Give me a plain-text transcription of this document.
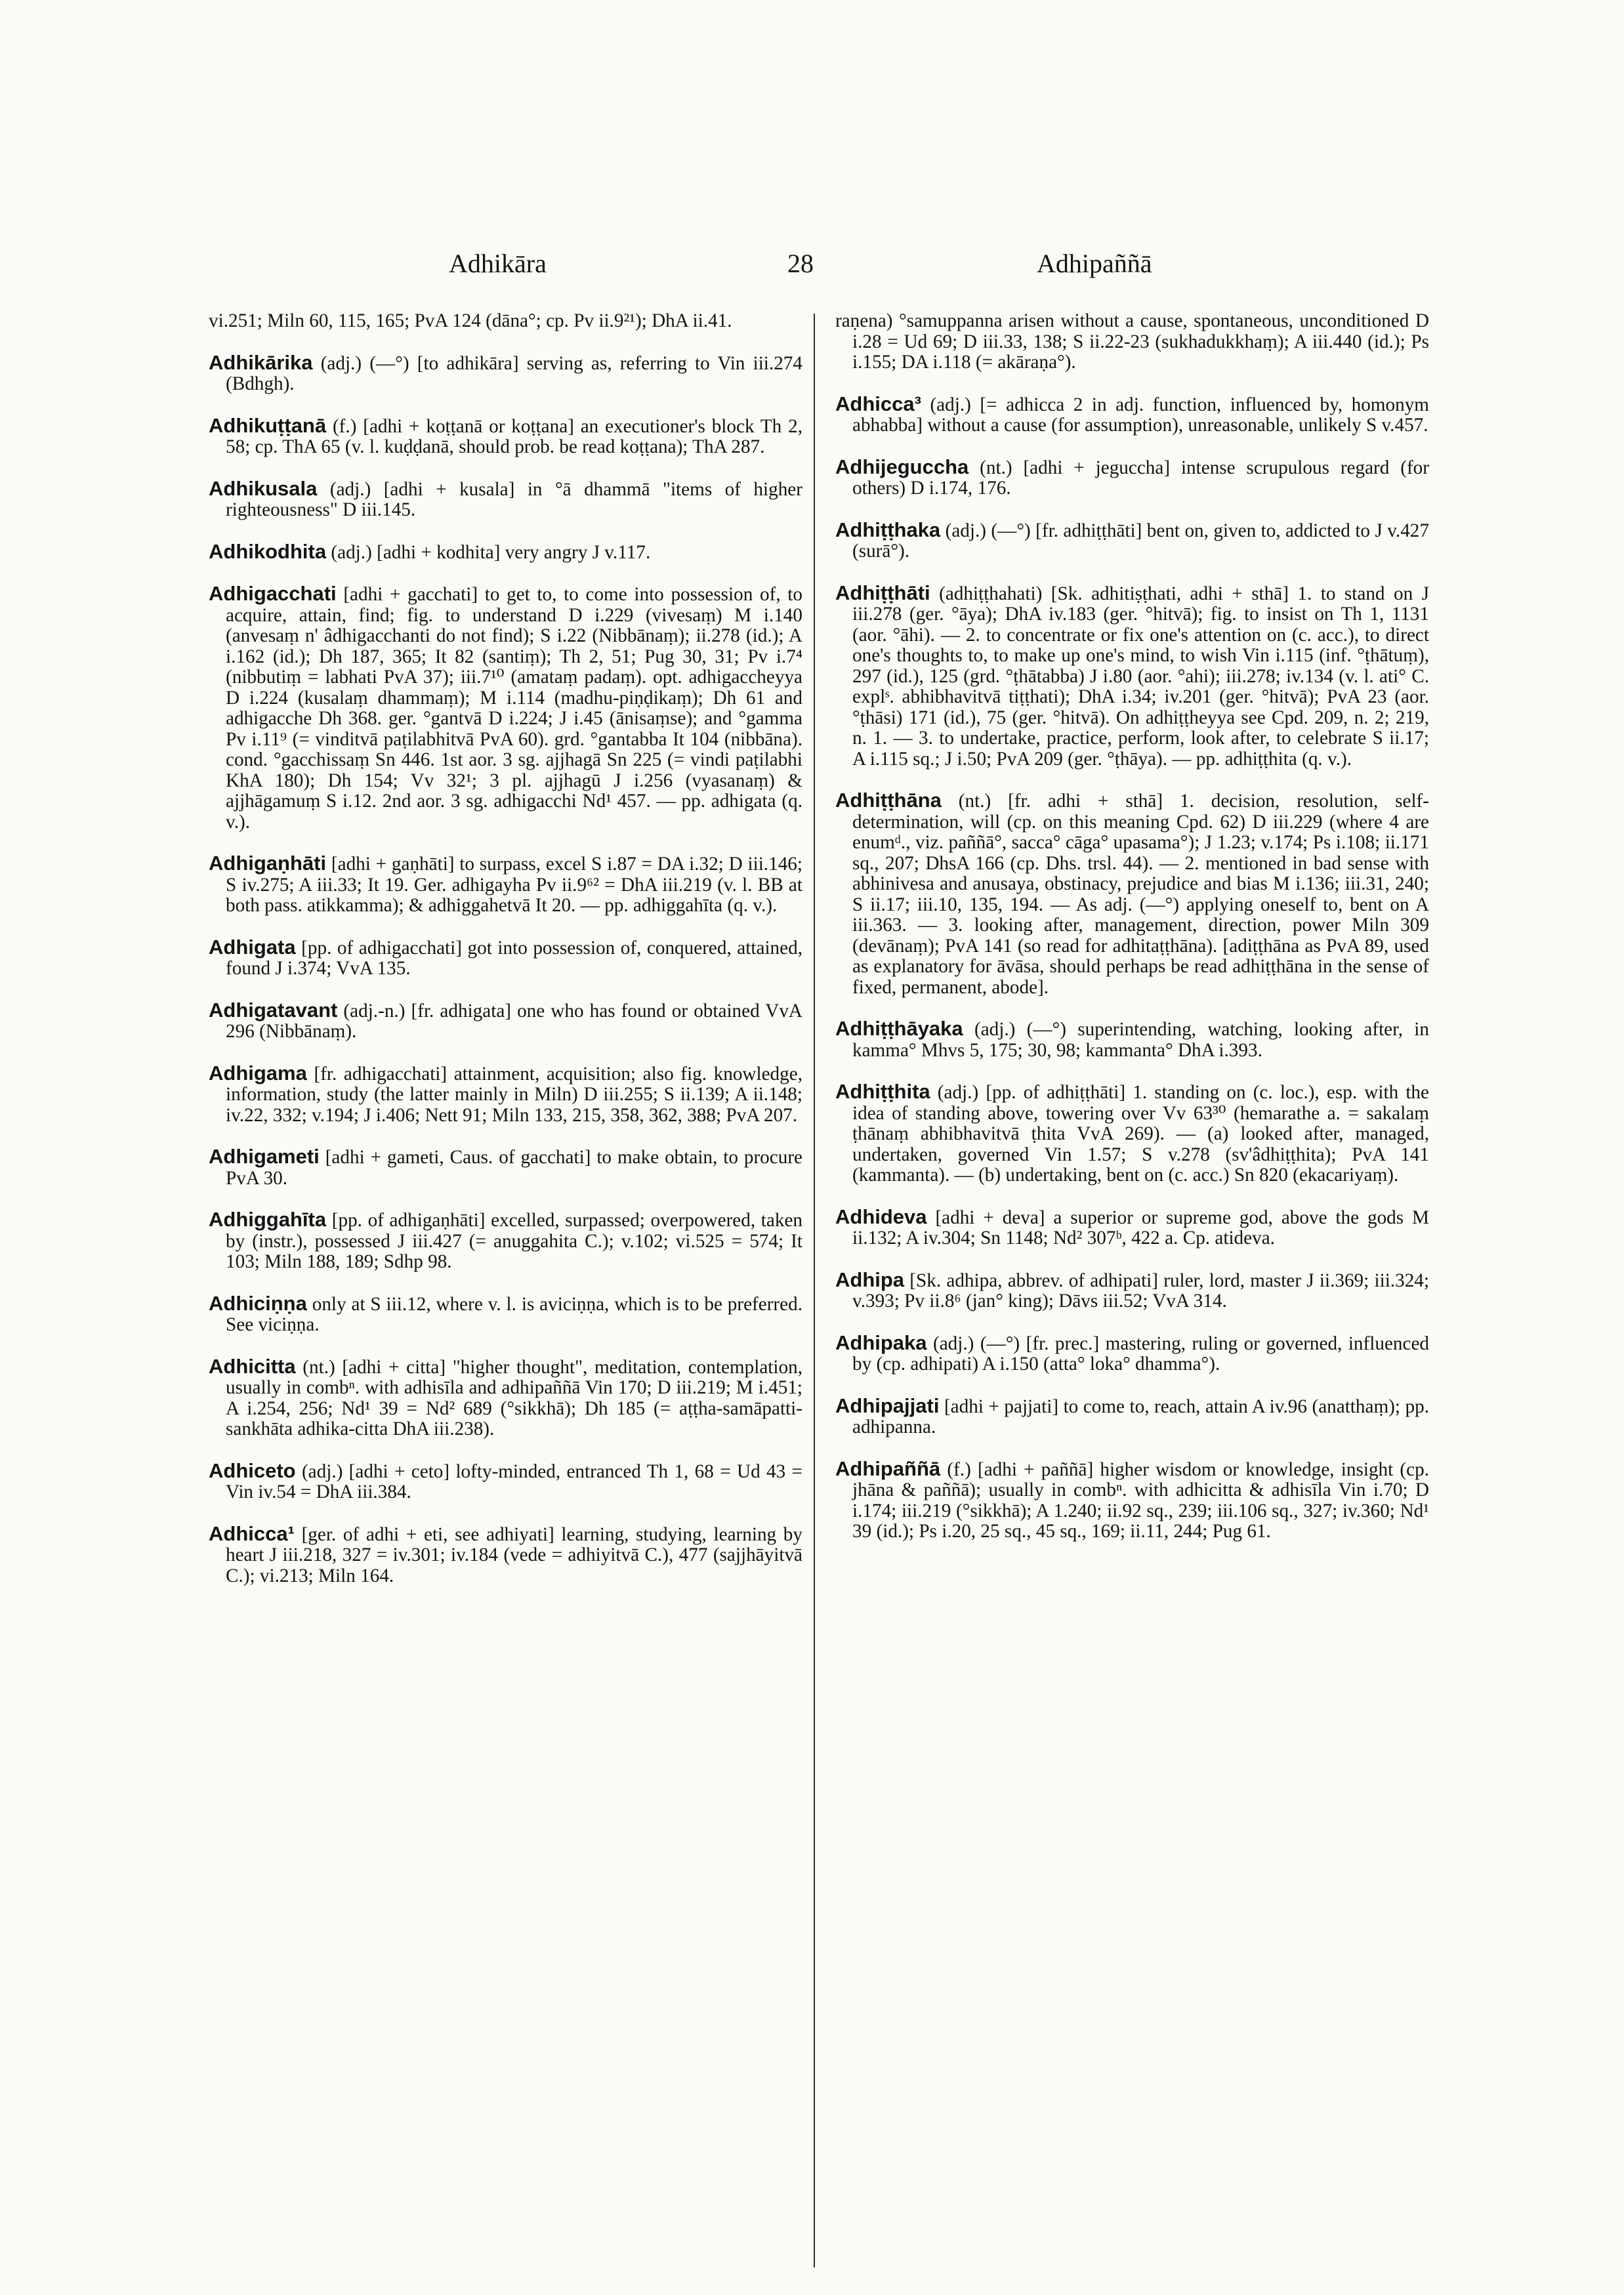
Adhikāra	28	Adhipaññā

vi.251; Miln 60, 115, 165; PvA 124 (dāna°; cp. Pv ii.9²¹); DhA ii.41.

Adhikārika (adj.) (—°) [to adhikāra] serving as, referring to Vin iii.274 (Bdhgh).

Adhikuṭṭanā (f.) [adhi + koṭṭanā or koṭṭana] an executioner's block Th 2, 58; cp. ThA 65 (v. l. kuḍḍanā, should prob. be read koṭṭana); ThA 287.

Adhikusala (adj.) [adhi + kusala] in °ā dhammā "items of higher righteousness" D iii.145.

Adhikodhita (adj.) [adhi + kodhita] very angry J v.117.

Adhigacchati [adhi + gacchati] to get to, to come into possession of, to acquire, attain, find; fig. to understand D i.229 (vivesaṃ) M i.140 (anvesaṃ n' âdhigacchanti do not find); S i.22 (Nibbānaṃ); ii.278 (id.); A i.162 (id.); Dh 187, 365; It 82 (santiṃ); Th 2, 51; Pug 30, 31; Pv i.7⁴ (nibbutiṃ = labhati PvA 37); iii.7¹⁰ (amataṃ padaṃ). opt. adhigaccheyya D i.224 (kusalaṃ dhammaṃ); M i.114 (madhu-piṇḍikaṃ); Dh 61 and adhigacche Dh 368. ger. °gantvā D i.224; J i.45 (ānisaṃse); and °gamma Pv i.11⁹ (= vinditvā paṭilabhitvā PvA 60). grd. °gantabba It 104 (nibbāna). cond. °gacchissaṃ Sn 446. 1st aor. 3 sg. ajjhagā Sn 225 (= vindi paṭilabhi KhA 180); Dh 154; Vv 32¹; 3 pl. ajjhagū J i.256 (vyasanaṃ) & ajjhāgamuṃ S i.12. 2nd aor. 3 sg. adhigacchi Nd¹ 457. — pp. adhigata (q. v.).

Adhigaṇhāti [adhi + gaṇhāti] to surpass, excel S i.87 = DA i.32; D iii.146; S iv.275; A iii.33; It 19. Ger. adhigayha Pv ii.9⁶² = DhA iii.219 (v. l. BB at both pass. atikkamma); & adhiggahetvā It 20. — pp. adhiggahīta (q. v.).

Adhigata [pp. of adhigacchati] got into possession of, conquered, attained, found J i.374; VvA 135.

Adhigatavant (adj.-n.) [fr. adhigata] one who has found or obtained VvA 296 (Nibbānaṃ).

Adhigama [fr. adhigacchati] attainment, acquisition; also fig. knowledge, information, study (the latter mainly in Miln) D iii.255; S ii.139; A ii.148; iv.22, 332; v.194; J i.406; Nett 91; Miln 133, 215, 358, 362, 388; PvA 207.

Adhigameti [adhi + gameti, Caus. of gacchati] to make obtain, to procure PvA 30.

Adhiggahīta [pp. of adhigaṇhāti] excelled, surpassed; overpowered, taken by (instr.), possessed J iii.427 (= anuggahita C.); v.102; vi.525 = 574; It 103; Miln 188, 189; Sdhp 98.

Adhiciṇṇa only at S iii.12, where v. l. is aviciṇṇa, which is to be preferred. See viciṇṇa.

Adhicitta (nt.) [adhi + citta] "higher thought", meditation, contemplation, usually in combⁿ. with adhisīla and adhipaññā Vin 170; D iii.219; M i.451; A i.254, 256; Nd¹ 39 = Nd² 689 (°sikkhā); Dh 185 (= aṭṭha-samāpatti-sankhāta adhika-citta DhA iii.238).

Adhiceto (adj.) [adhi + ceto] lofty-minded, entranced Th 1, 68 = Ud 43 = Vin iv.54 = DhA iii.384.

Adhicca¹ [ger. of adhi + eti, see adhiyati] learning, studying, learning by heart J iii.218, 327 = iv.301; iv.184 (vede = adhiyitvā C.), 477 (sajjhāyitvā C.); vi.213; Miln 164.

raṇena) °samuppanna arisen without a cause, spontaneous, unconditioned D i.28 = Ud 69; D iii.33, 138; S ii.22-23 (sukhadukkhaṃ); A iii.440 (id.); Ps i.155; DA i.118 (= akāraṇa°).

Adhicca³ (adj.) [= adhicca 2 in adj. function, influenced by, homonym abhabba] without a cause (for assumption), unreasonable, unlikely S v.457.

Adhijeguccha (nt.) [adhi + jeguccha] intense scrupulous regard (for others) D i.174, 176.

Adhiṭṭhaka (adj.) (—°) [fr. adhiṭṭhāti] bent on, given to, addicted to J v.427 (surā°).

Adhiṭṭhāti (adhiṭṭhahati) [Sk. adhitiṣṭhati, adhi + sthā] 1. to stand on J iii.278 (ger. °āya); DhA iv.183 (ger. °hitvā); fig. to insist on Th 1, 1131 (aor. °āhi). — 2. to concentrate or fix one's attention on (c. acc.), to direct one's thoughts to, to make up one's mind, to wish Vin i.115 (inf. °ṭhātuṃ), 297 (id.), 125 (grd. °ṭhātabba) J i.80 (aor. °ahi); iii.278; iv.134 (v. l. ati° C. explˢ. abhibhavitvā tiṭṭhati); DhA i.34; iv.201 (ger. °hitvā); PvA 23 (aor. °ṭhāsi) 171 (id.), 75 (ger. °hitvā). On adhiṭṭheyya see Cpd. 209, n. 2; 219, n. 1. — 3. to undertake, practice, perform, look after, to celebrate S ii.17; A i.115 sq.; J i.50; PvA 209 (ger. °ṭhāya). — pp. adhiṭṭhita (q. v.).

Adhiṭṭhāna (nt.) [fr. adhi + sthā] 1. decision, resolution, self-determination, will (cp. on this meaning Cpd. 62) D iii.229 (where 4 are enumᵈ., viz. paññā°, sacca° cāga° upasama°); J 1.23; v.174; Ps i.108; ii.171 sq., 207; DhsA 166 (cp. Dhs. trsl. 44). — 2. mentioned in bad sense with abhinivesa and anusaya, obstinacy, prejudice and bias M i.136; iii.31, 240; S ii.17; iii.10, 135, 194. — As adj. (—°) applying oneself to, bent on A iii.363. — 3. looking after, management, direction, power Miln 309 (devānaṃ); PvA 141 (so read for adhitaṭṭhāna). [adiṭṭhāna as PvA 89, used as explanatory for āvāsa, should perhaps be read adhiṭṭhāna in the sense of fixed, permanent, abode].

Adhiṭṭhāyaka (adj.) (—°) superintending, watching, looking after, in kamma° Mhvs 5, 175; 30, 98; kammanta° DhA i.393.

Adhiṭṭhita (adj.) [pp. of adhiṭṭhāti] 1. standing on (c. loc.), esp. with the idea of standing above, towering over Vv 63³⁰ (hemarathe a. = sakalaṃ ṭhānaṃ abhibhavitvā ṭhita VvA 269). — (a) looked after, managed, undertaken, governed Vin 1.57; S v.278 (sv'âdhiṭṭhita); PvA 141 (kammanta). — (b) undertaking, bent on (c. acc.) Sn 820 (ekacariyaṃ).

Adhideva [adhi + deva] a superior or supreme god, above the gods M ii.132; A iv.304; Sn 1148; Nd² 307ᵇ, 422 a. Cp. atideva.

Adhipa [Sk. adhipa, abbrev. of adhipati] ruler, lord, master J ii.369; iii.324; v.393; Pv ii.8⁶ (jan° king); Dāvs iii.52; VvA 314.

Adhipaka (adj.) (—°) [fr. prec.] mastering, ruling or governed, influenced by (cp. adhipati) A i.150 (atta° loka° dhamma°).

Adhipajjati [adhi + pajjati] to come to, reach, attain A iv.96 (anatthaṃ); pp. adhipanna.

Adhipaññā (f.) [adhi + paññā] higher wisdom or knowledge, insight (cp. jhāna & paññā); usually in combⁿ. with adhicitta & adhisīla Vin i.70; D i.174; iii.219 (°sikkhā); A 1.240; ii.92 sq., 239; iii.106 sq., 327; iv.360; Nd¹ 39 (id.); Ps i.20, 25 sq., 45 sq., 169; ii.11, 244; Pug 61.
